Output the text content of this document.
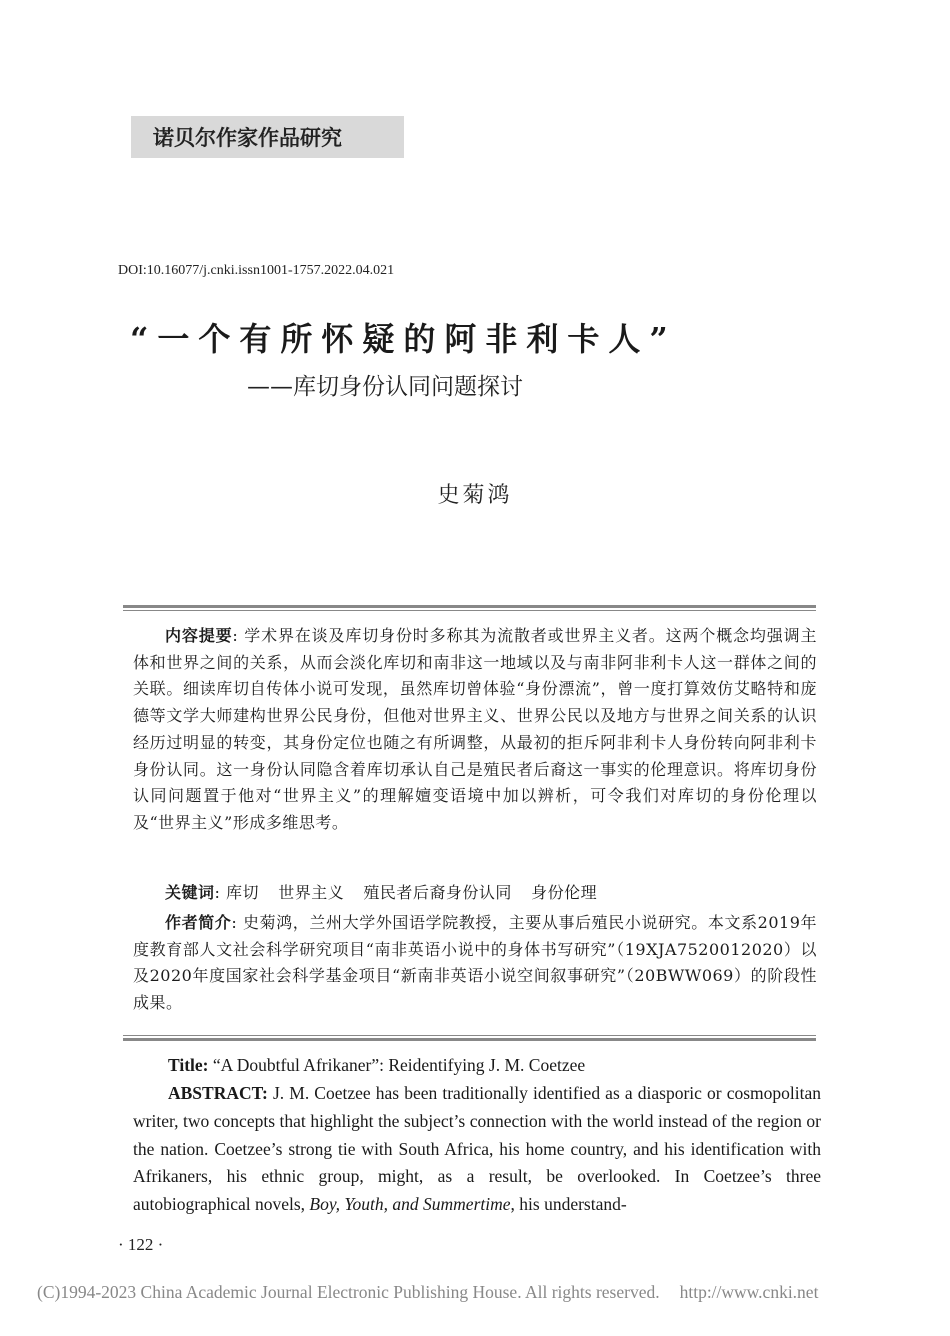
诺贝尔作家作品研究
DOI:10.16077/j.cnki.issn1001-1757.2022.04.021
“一个有所怀疑的阿非利卡人”
——库切身份认同问题探讨
史菊鸿
内容提要: 学术界在谈及库切身份时多称其为流散者或世界主义者。这两个概念均强调主体和世界之间的关系，从而会淡化库切和南非这一地域以及与南非阿非利卡人这一群体之间的关联。细读库切自传体小说可发现，虽然库切曾体验“身份漂流”，曾一度打算效仿艾略特和庞德等文学大师建构世界公民身份，但他对世界主义、世界公民以及地方与世界之间关系的认识经历过明显的转变，其身份定位也随之有所调整，从最初的拒斥阿非利卡人身份转向阿非利卡身份认同。这一身份认同隐含着库切承认自己是殖民者后裔这一事实的伦理意识。将库切身份认同问题置于他对“世界主义”的理解嬗变语境中加以辨析，可令我们对库切的身份伦理以及“世界主义”形成多维思考。
关键词: 库切 世界主义 殖民者后裔身份认同 身份伦理
作者简介: 史菊鸿，兰州大学外国语学院教授，主要从事后殖民小说研究。本文系2019年度教育部人文社会科学研究项目“南非英语小说中的身体书写研究”（19XJA7520012020）以及2020年度国家社会科学基金项目“新南非英语小说空间叙事研究”（20BWW069）的阶段性成果。
Title: “A Doubtful Afrikaner”: Reidentifying J. M. Coetzee
ABSTRACT: J. M. Coetzee has been traditionally identified as a diasporic or cosmopolitan writer, two concepts that highlight the subject’s connection with the world instead of the region or the nation. Coetzee’s strong tie with South Africa, his home country, and his identification with Afrikaners, his ethnic group, might, as a result, be overlooked. In Coetzee’s three autobiographical novels, Boy, Youth, and Summertime, his understand-
· 122 ·
(C)1994-2023 China Academic Journal Electronic Publishing House. All rights reserved. http://www.cnki.net
